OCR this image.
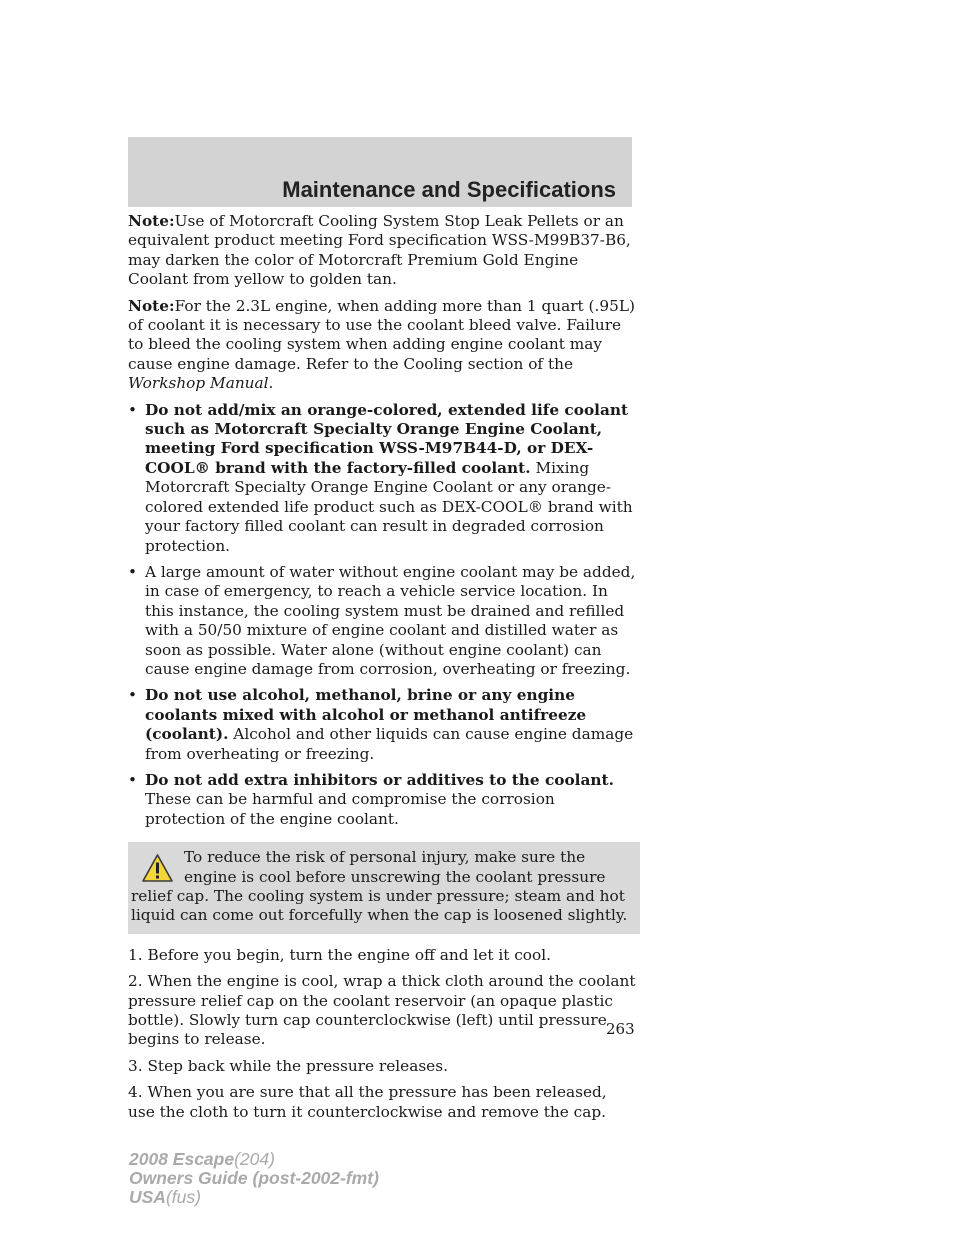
Maintenance and Specifications

Note:Use of Motorcraft Cooling System Stop Leak Pellets or an equivalent product meeting Ford specification WSS-M99B37-B6, may darken the color of Motorcraft Premium Gold Engine Coolant from yellow to golden tan.

Note:For the 2.3L engine, when adding more than 1 quart (.95L) of coolant it is necessary to use the coolant bleed valve. Failure to bleed the cooling system when adding engine coolant may cause engine damage. Refer to the Cooling section of the Workshop Manual.

• Do not add/mix an orange-colored, extended life coolant such as Motorcraft Specialty Orange Engine Coolant, meeting Ford specification WSS-M97B44-D, or DEX-COOL® brand with the factory-filled coolant. Mixing Motorcraft Specialty Orange Engine Coolant or any orange-colored extended life product such as DEX-COOL® brand with your factory filled coolant can result in degraded corrosion protection.
• A large amount of water without engine coolant may be added, in case of emergency, to reach a vehicle service location. In this instance, the cooling system must be drained and refilled with a 50/50 mixture of engine coolant and distilled water as soon as possible. Water alone (without engine coolant) can cause engine damage from corrosion, overheating or freezing.
• Do not use alcohol, methanol, brine or any engine coolants mixed with alcohol or methanol antifreeze (coolant). Alcohol and other liquids can cause engine damage from overheating or freezing.
• Do not add extra inhibitors or additives to the coolant. These can be harmful and compromise the corrosion protection of the engine coolant.

To reduce the risk of personal injury, make sure the engine is cool before unscrewing the coolant pressure relief cap. The cooling system is under pressure; steam and hot liquid can come out forcefully when the cap is loosened slightly.

1. Before you begin, turn the engine off and let it cool.

2. When the engine is cool, wrap a thick cloth around the coolant pressure relief cap on the coolant reservoir (an opaque plastic bottle). Slowly turn cap counterclockwise (left) until pressure begins to release.

3. Step back while the pressure releases.

4. When you are sure that all the pressure has been released, use the cloth to turn it counterclockwise and remove the cap.

263
2008 Escape(204)
Owners Guide (post-2002-fmt)
USA(fus)
